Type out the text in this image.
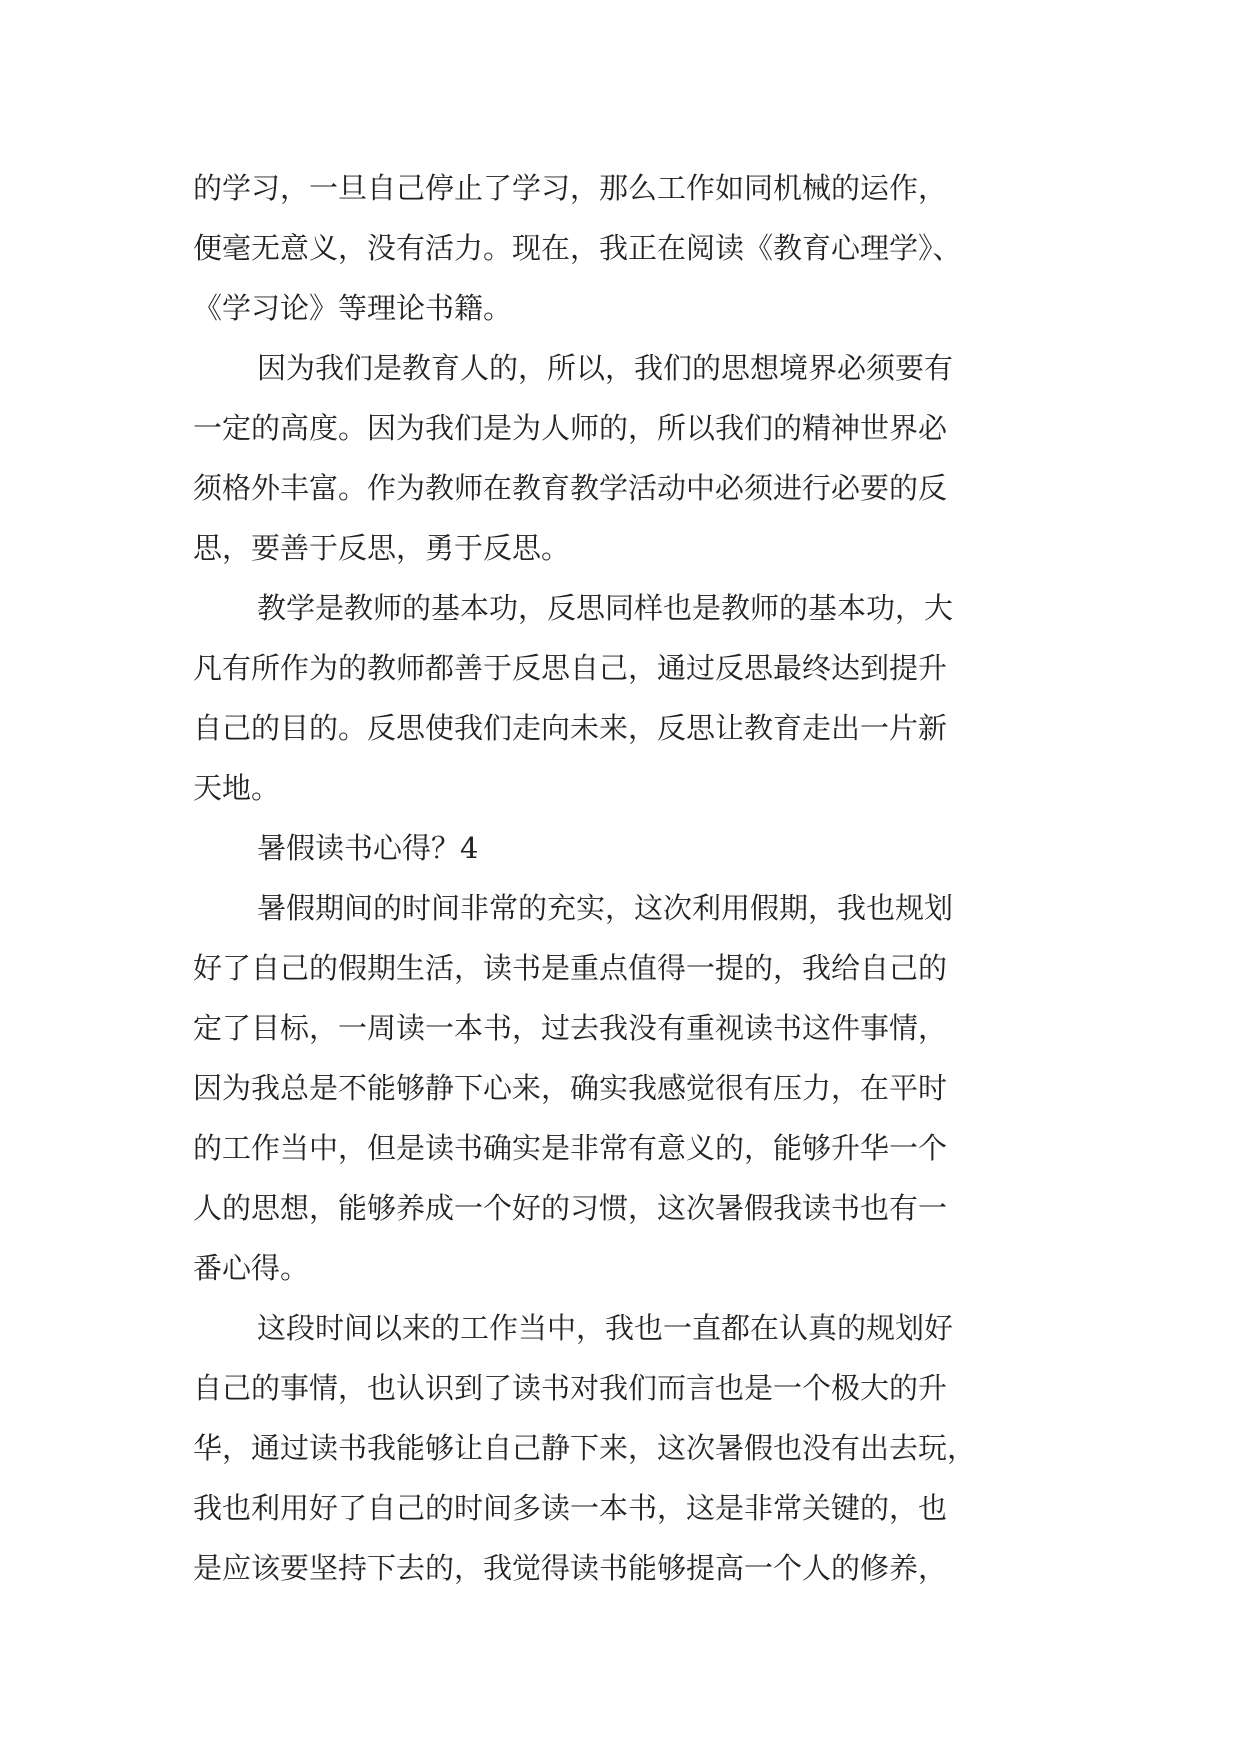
的学习，一旦自己停止了学习，那么工作如同机械的运作，
便毫无意义，没有活力。现在，我正在阅读《教育心理学》、
《学习论》等理论书籍。
因为我们是教育人的，所以，我们的思想境界必须要有
一定的高度。因为我们是为人师的，所以我们的精神世界必
须格外丰富。作为教师在教育教学活动中必须进行必要的反
思，要善于反思，勇于反思。
教学是教师的基本功，反思同样也是教师的基本功，大
凡有所作为的教师都善于反思自己，通过反思最终达到提升
自己的目的。反思使我们走向未来，反思让教育走出一片新
天地。
暑假读书心得？4
暑假期间的时间非常的充实，这次利用假期，我也规划
好了自己的假期生活，读书是重点值得一提的，我给自己的
定了目标，一周读一本书，过去我没有重视读书这件事情，
因为我总是不能够静下心来，确实我感觉很有压力，在平时
的工作当中，但是读书确实是非常有意义的，能够升华一个
人的思想，能够养成一个好的习惯，这次暑假我读书也有一
番心得。
这段时间以来的工作当中，我也一直都在认真的规划好
自己的事情，也认识到了读书对我们而言也是一个极大的升
华，通过读书我能够让自己静下来，这次暑假也没有出去玩，
我也利用好了自己的时间多读一本书，这是非常关键的，也
是应该要坚持下去的，我觉得读书能够提高一个人的修养，
